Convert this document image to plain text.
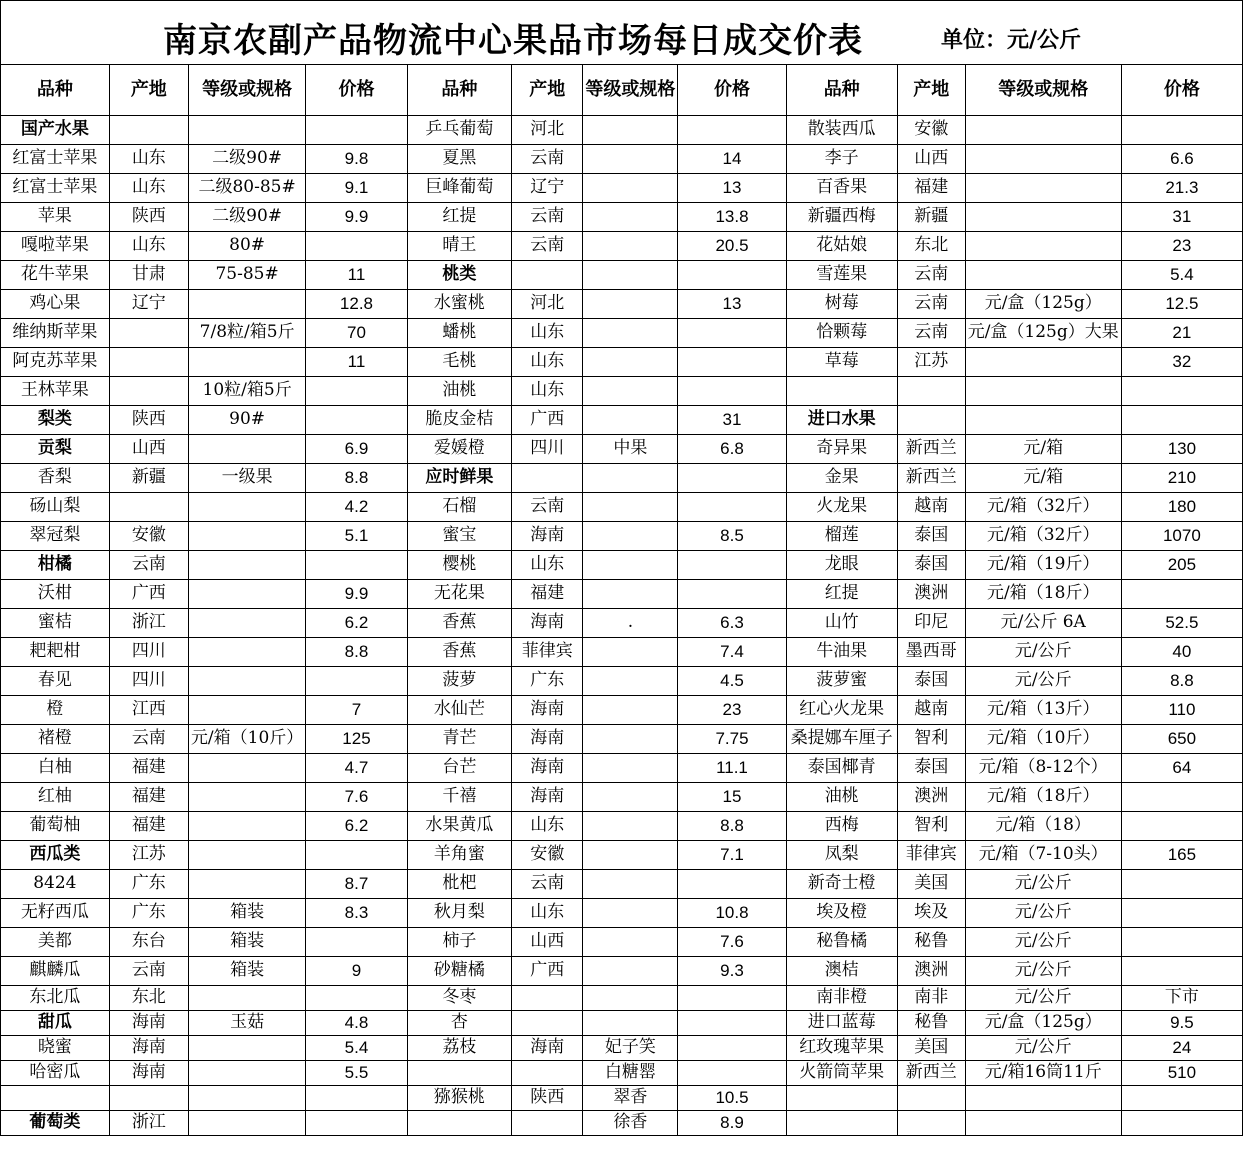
南京农副产品物流中心果品市场每日成交价表	单位：元/公斤
品种	产地	等级或规格	价格	品种	产地	等级或规格	价格	品种	产地	等级或规格	价格
国产水果				乒乓葡萄	河北			散装西瓜	安徽		
红富士苹果	山东	二级90#	9.8	夏黑	云南		14	李子	山西		6.6
红富士苹果	山东	二级80-85#	9.1	巨峰葡萄	辽宁		13	百香果	福建		21.3
苹果	陕西	二级90#	9.9	红提	云南		13.8	新疆西梅	新疆		31
嘎啦苹果	山东	80#		晴王	云南		20.5	花姑娘	东北		23
花牛苹果	甘肃	75-85#	11	桃类				雪莲果	云南		5.4
鸡心果	辽宁		12.8	水蜜桃	河北		13	树莓	云南	元/盒（125g）	12.5
维纳斯苹果		7/8粒/箱5斤	70	蟠桃	山东			恰颗莓	云南	元/盒（125g）大果	21
阿克苏苹果			11	毛桃	山东			草莓	江苏		32
王林苹果		10粒/箱5斤		油桃	山东						
梨类	陕西	90#		脆皮金桔	广西		31	进口水果			
贡梨	山西		6.9	爱媛橙	四川	中果	6.8	奇异果	新西兰	元/箱	130
香梨	新疆	一级果	8.8	应时鲜果				金果	新西兰	元/箱	210
砀山梨			4.2	石榴	云南			火龙果	越南	元/箱（32斤）	180
翠冠梨	安徽		5.1	蜜宝	海南		8.5	榴莲	泰国	元/箱（32斤）	1070
柑橘	云南			樱桃	山东			龙眼	泰国	元/箱（19斤）	205
沃柑	广西		9.9	无花果	福建			红提	澳洲	元/箱（18斤）	
蜜桔	浙江		6.2	香蕉	海南	.	6.3	山竹	印尼	元/公斤 6A	52.5
耙耙柑	四川		8.8	香蕉	菲律宾		7.4	牛油果	墨西哥	元/公斤	40
春见	四川			菠萝	广东		4.5	菠萝蜜	泰国	元/公斤	8.8
橙	江西		7	水仙芒	海南		23	红心火龙果	越南	元/箱（13斤）	110
褚橙	云南	元/箱（10斤）	125	青芒	海南		7.75	桑提娜车厘子	智利	元/箱（10斤）	650
白柚	福建		4.7	台芒	海南		11.1	泰国椰青	泰国	元/箱（8-12个）	64
红柚	福建		7.6	千禧	海南		15	油桃	澳洲	元/箱（18斤）	
葡萄柚	福建		6.2	水果黄瓜	山东		8.8	西梅	智利	元/箱（18）	
西瓜类	江苏			羊角蜜	安徽		7.1	凤梨	菲律宾	元/箱（7-10头）	165
8424	广东		8.7	枇杷	云南			新奇士橙	美国	元/公斤	
无籽西瓜	广东	箱装	8.3	秋月梨	山东		10.8	埃及橙	埃及	元/公斤	
美都	东台	箱装		柿子	山西		7.6	秘鲁橘	秘鲁	元/公斤	
麒麟瓜	云南	箱装	9	砂糖橘	广西		9.3	澳桔	澳洲	元/公斤	
东北瓜	东北			冬枣				南非橙	南非	元/公斤	下市
甜瓜	海南	玉菇	4.8	杏				进口蓝莓	秘鲁	元/盒（125g）	9.5
晓蜜	海南		5.4	荔枝	海南	妃子笑		红玫瑰苹果	美国	元/公斤	24
哈密瓜	海南		5.5			白糖罂		火箭筒苹果	新西兰	元/箱16筒11斤	510
				猕猴桃	陕西	翠香	10.5				
葡萄类	浙江					徐香	8.9				
